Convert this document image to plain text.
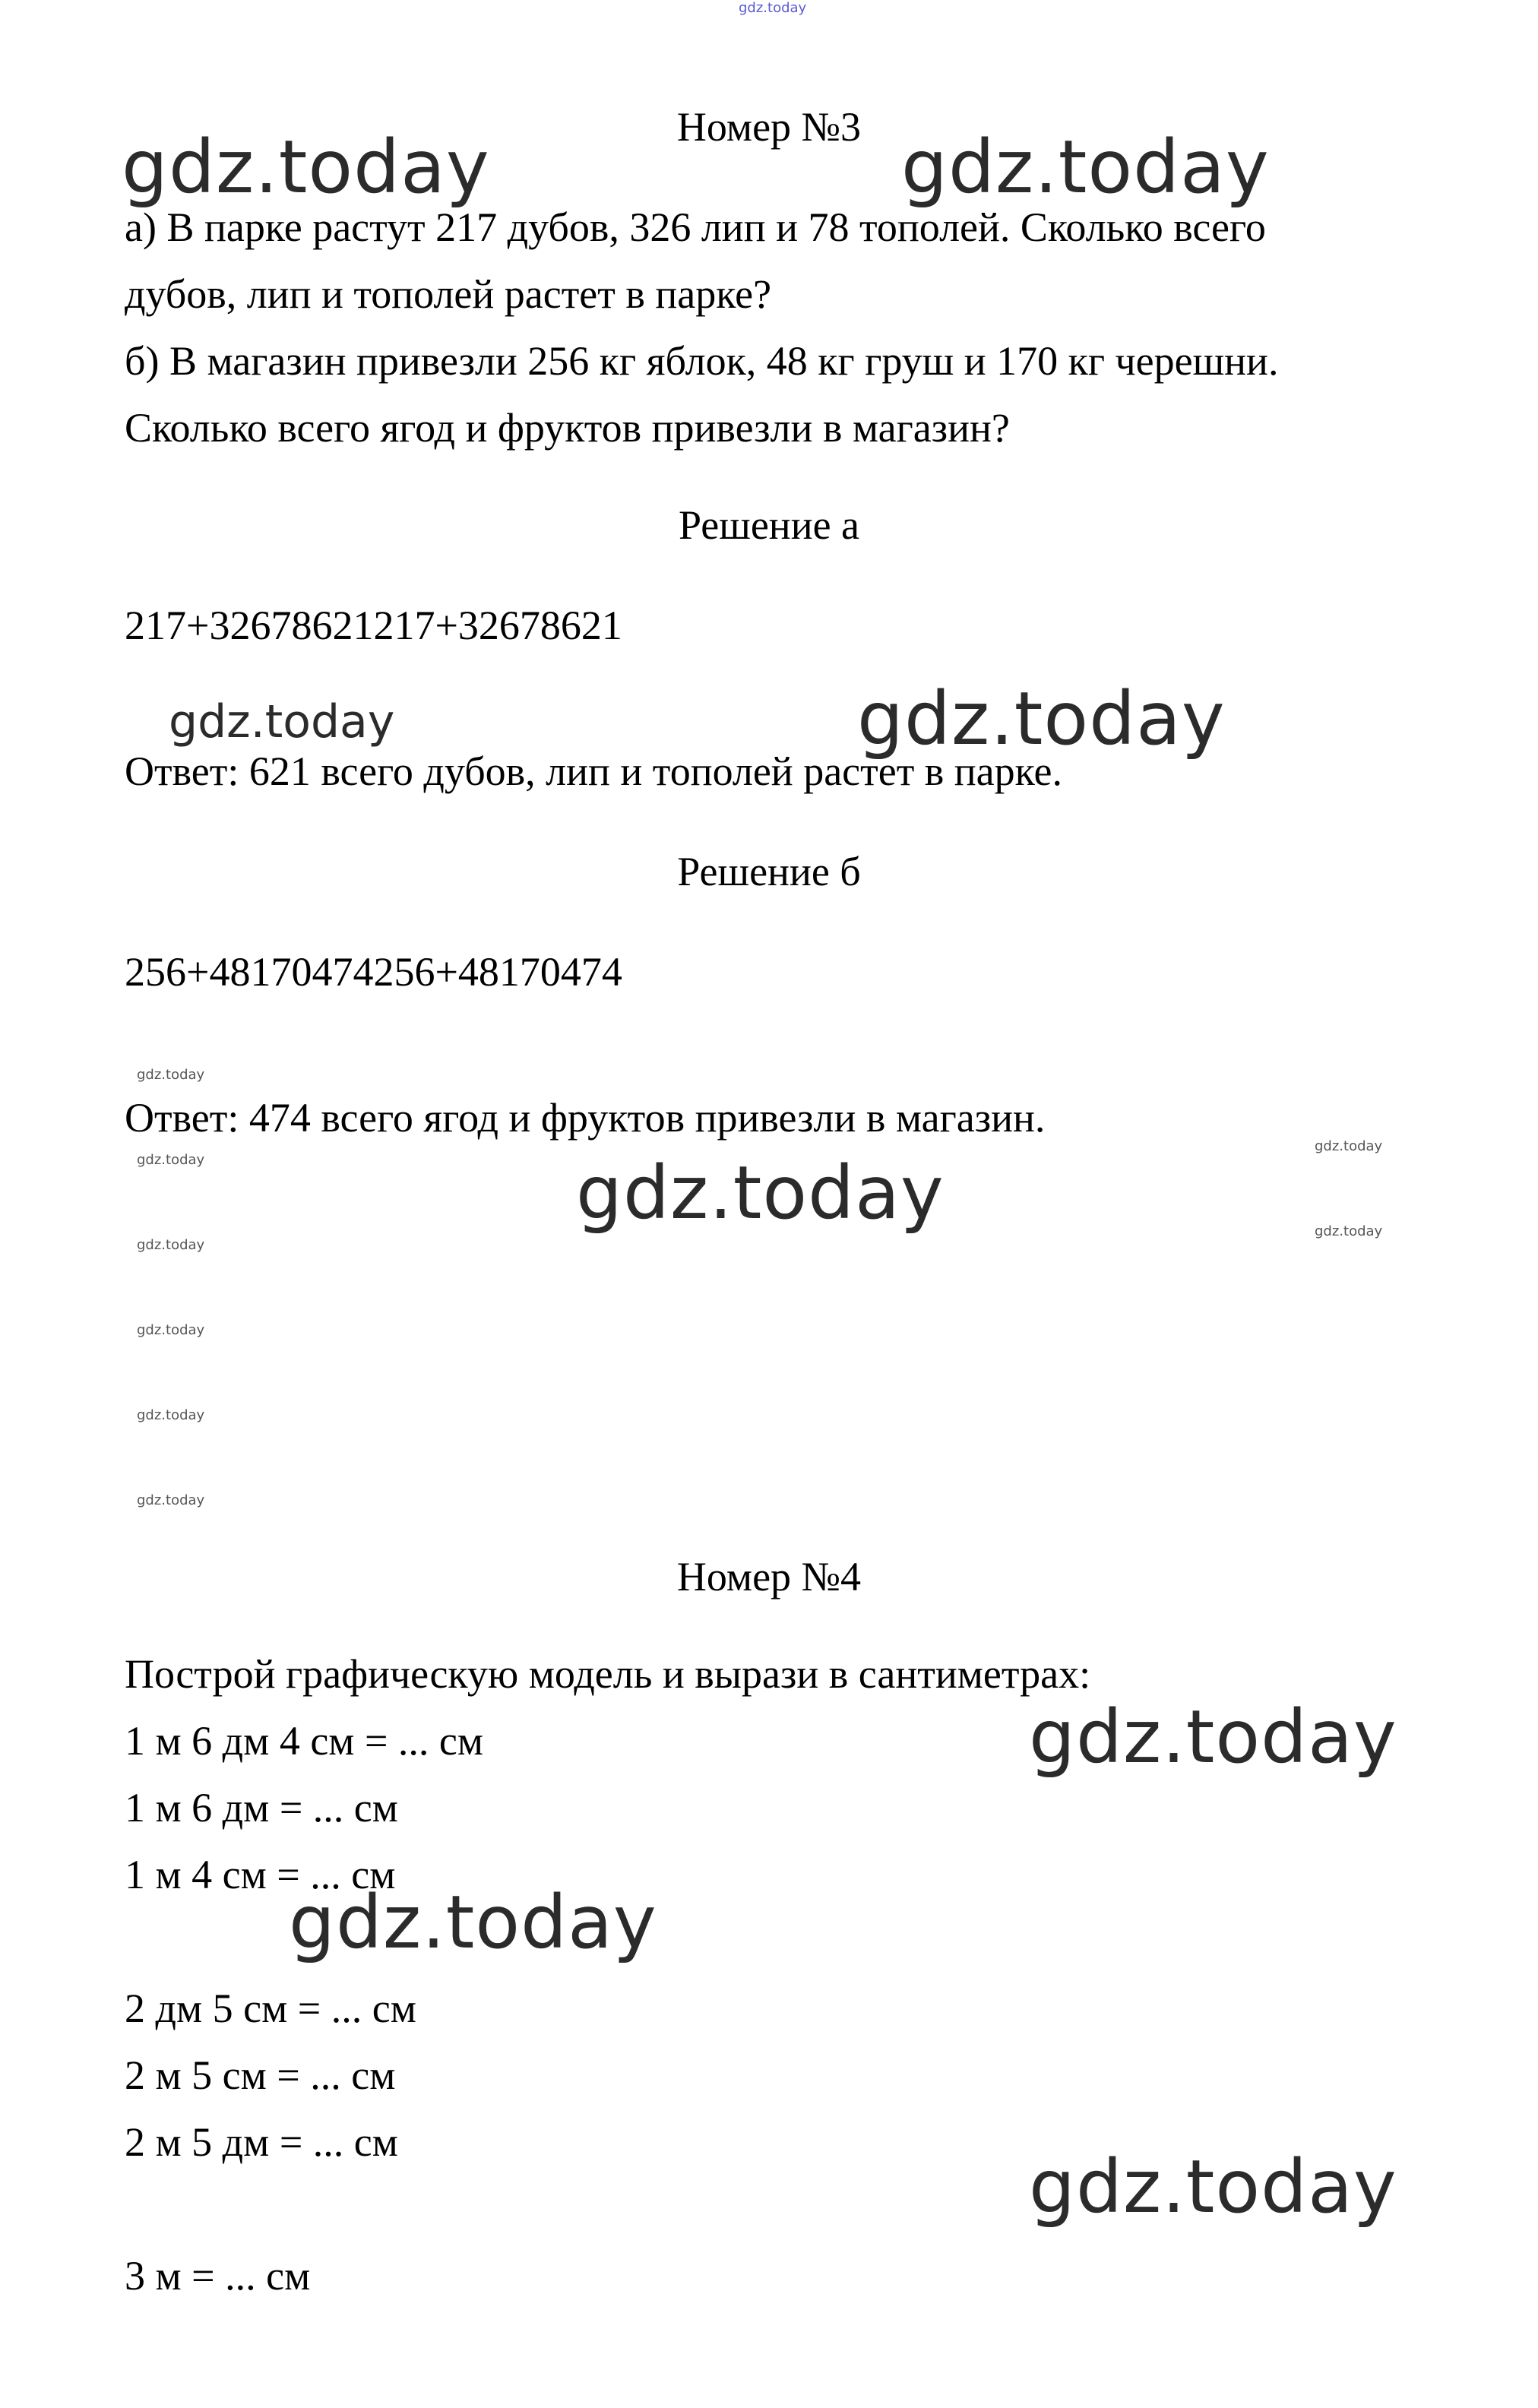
gdz.today
gdz.today	gdz.today
gdz.today	gdz.today
gdz.today
gdz.today
gdz.today
gdz.today
gdz.today
gdz.today
gdz.today
gdz.today
gdz.today
gdz.today
gdz.today
gdz.today
Номер №3
а) В парке растут 217 дубов, 326 лип и 78 тополей. Сколько всего
дубов, лип и тополей растет в парке?
б) В магазин привезли 256 кг яблок, 48 кг груш и 170 кг черешни.
Сколько всего ягод и фруктов привезли в магазин?
Решение а
217+32678621217+32678621
Ответ: 621 всего дубов, лип и тополей растет в парке.
Решение б
256+48170474256+48170474
Ответ: 474 всего ягод и фруктов привезли в магазин.
Номер №4
Построй графическую модель и вырази в сантиметрах:
1 м 6 дм 4 см = ... см
1 м 6 дм = ... см
1 м 4 см = ... см
2 дм 5 см = ... см
2 м 5 см = ... см
2 м 5 дм = ... см
3 м = ... см
